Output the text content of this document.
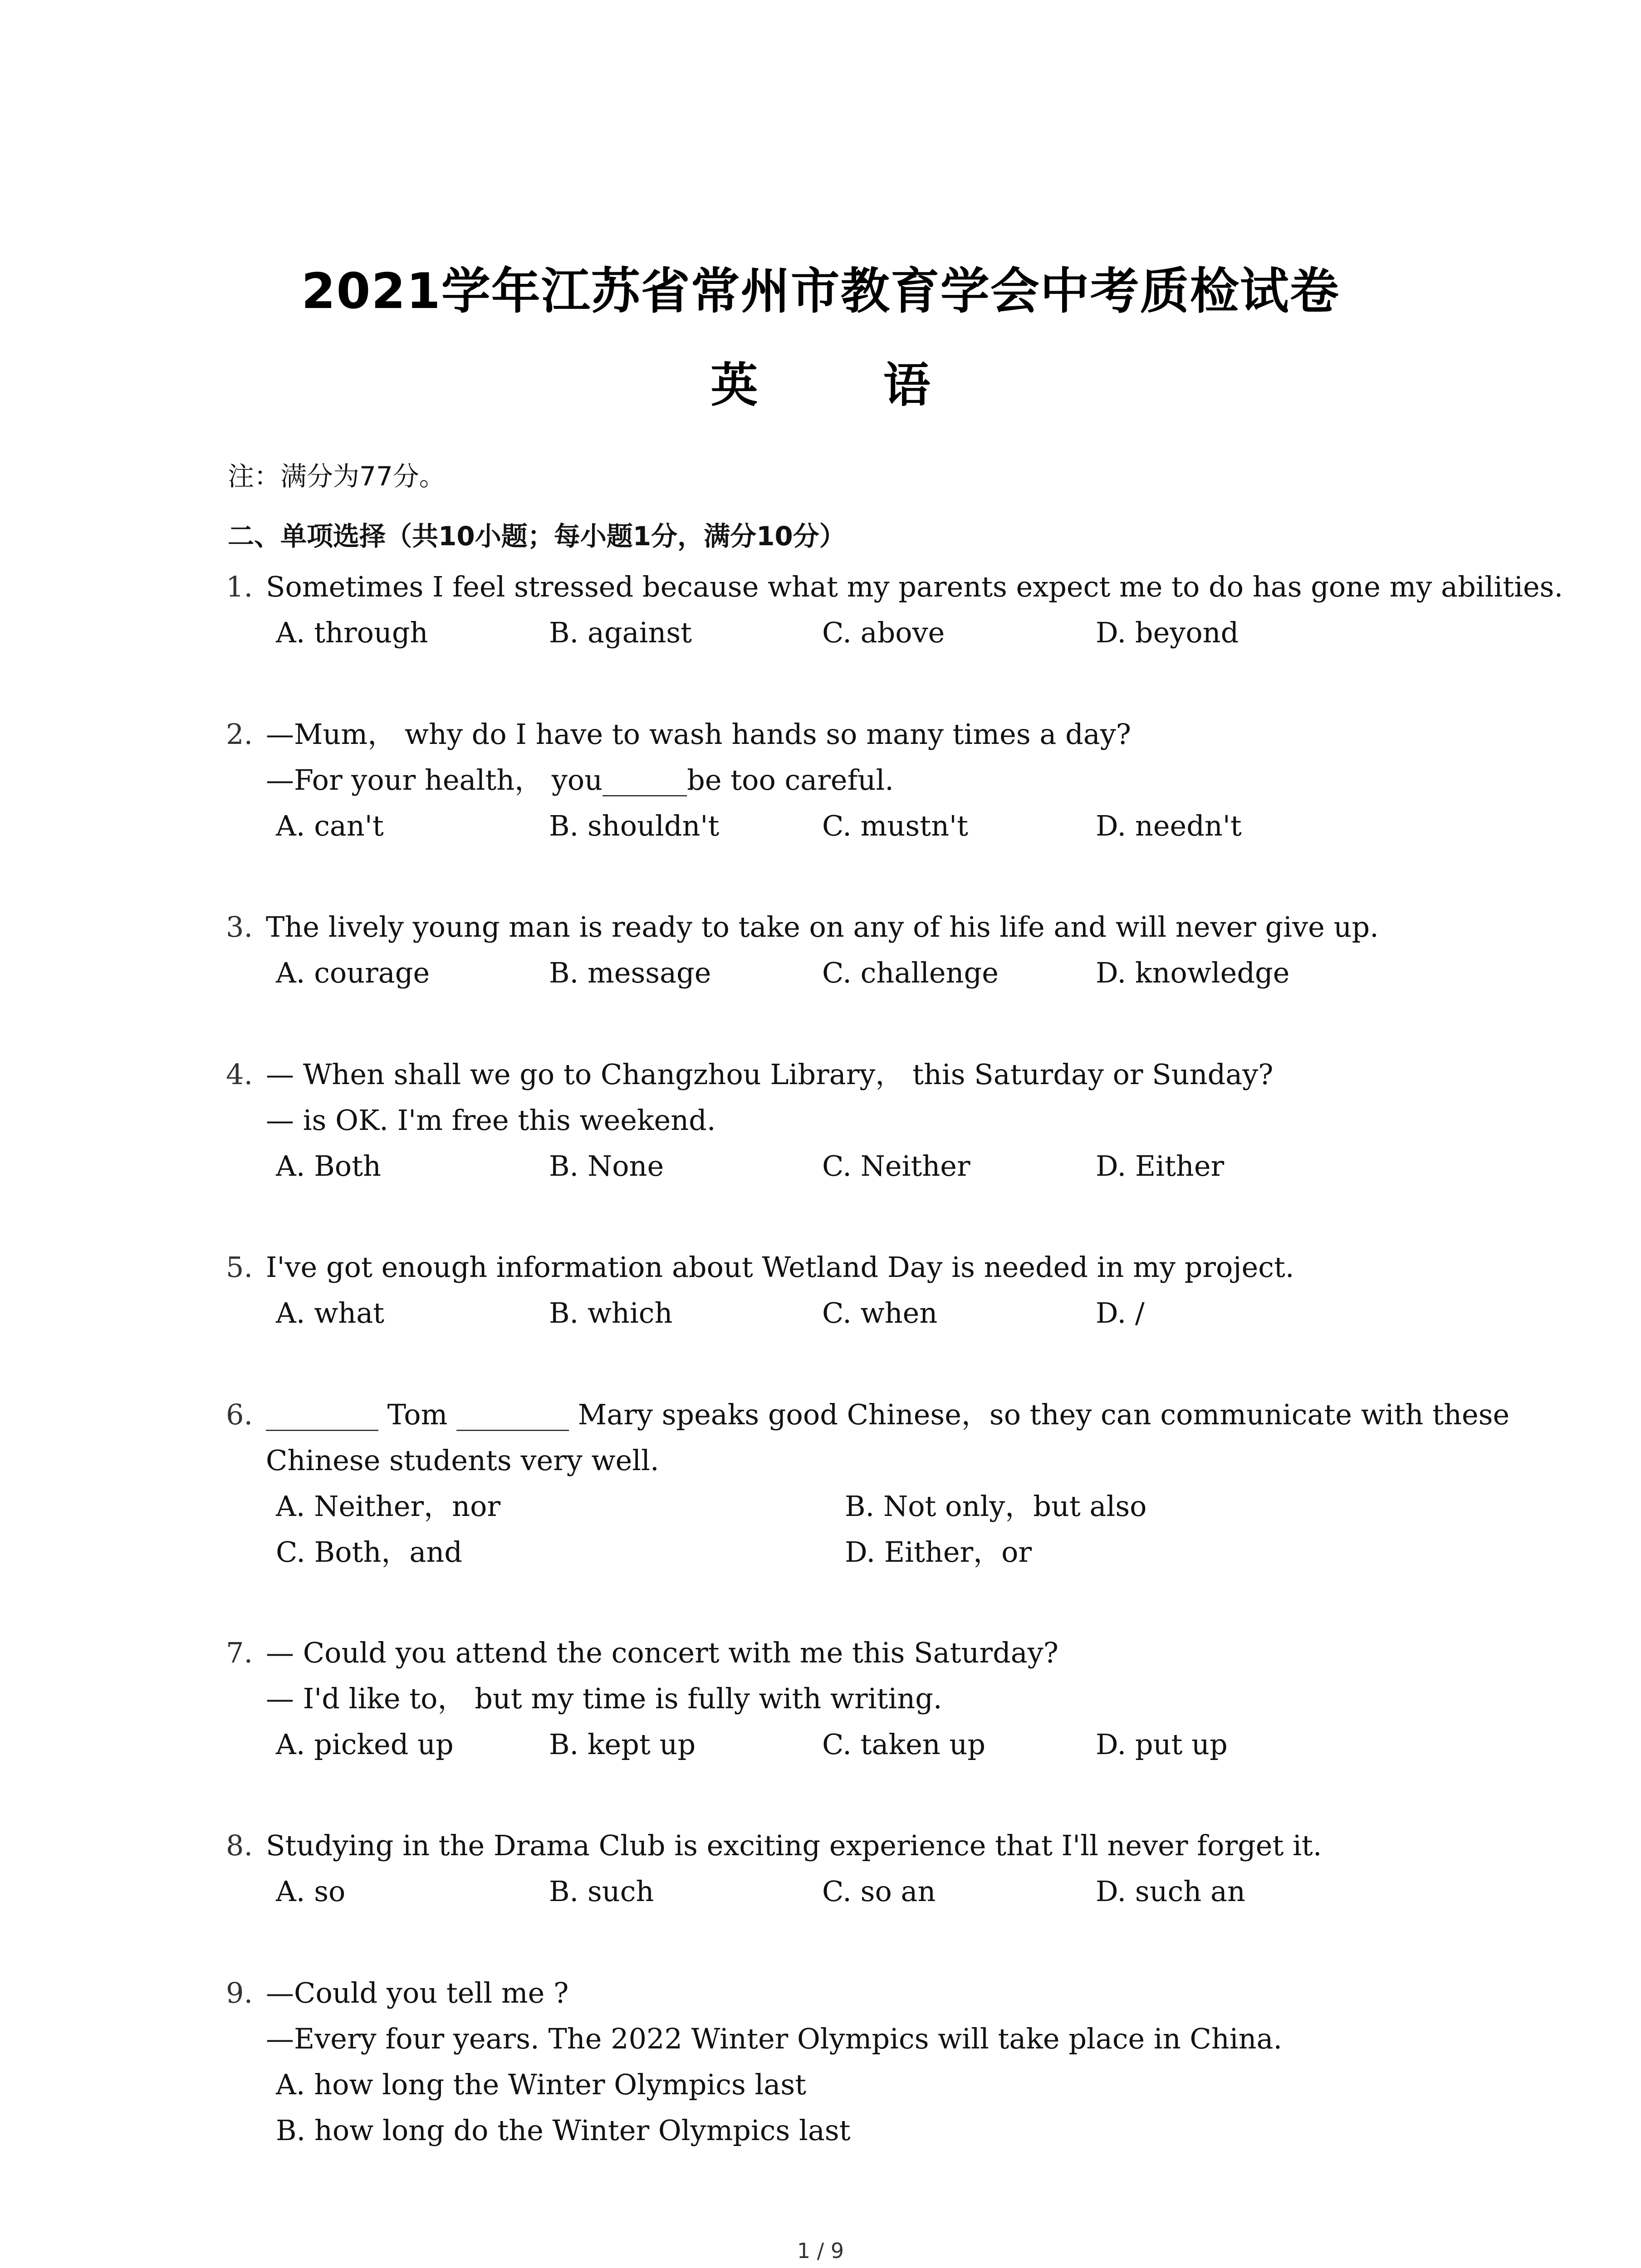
2021学年江苏省常州市教育学会中考质检试卷
英 语
注：满分为77分。
二、单项选择（共10小题；每小题1分，满分10分）
1. Sometimes I feel stressed because what my parents expect me to do has gone my abilities.
A. through	B. against	C. above	D. beyond
2. —Mum， why do I have to wash hands so many times a day?
—For your health， you______be too careful.
A. can't	B. shouldn't	C. mustn't	D. needn't
3. The lively young man is ready to take on any of his life and will never give up.
A. courage	B. message	C. challenge	D. knowledge
4. — When shall we go to Changzhou Library， this Saturday or Sunday?
— is OK. I'm free this weekend.
A. Both	B. None	C. Neither	D. Either
5. I've got enough information about Wetland Day is needed in my project.
A. what	B. which	C. when	D. /
6. ________ Tom ________ Mary speaks good Chinese，so they can communicate with these
Chinese students very well.
A. Neither，nor	B. Not only，but also
C. Both，and	D. Either，or
7. — Could you attend the concert with me this Saturday?
— I'd like to， but my time is fully with writing.
A. picked up	B. kept up	C. taken up	D. put up
8. Studying in the Drama Club is exciting experience that I'll never forget it.
A. so	B. such	C. so an	D. such an
9. —Could you tell me ?
—Every four years. The 2022 Winter Olympics will take place in China.
A. how long the Winter Olympics last
B. how long do the Winter Olympics last
1 / 9
